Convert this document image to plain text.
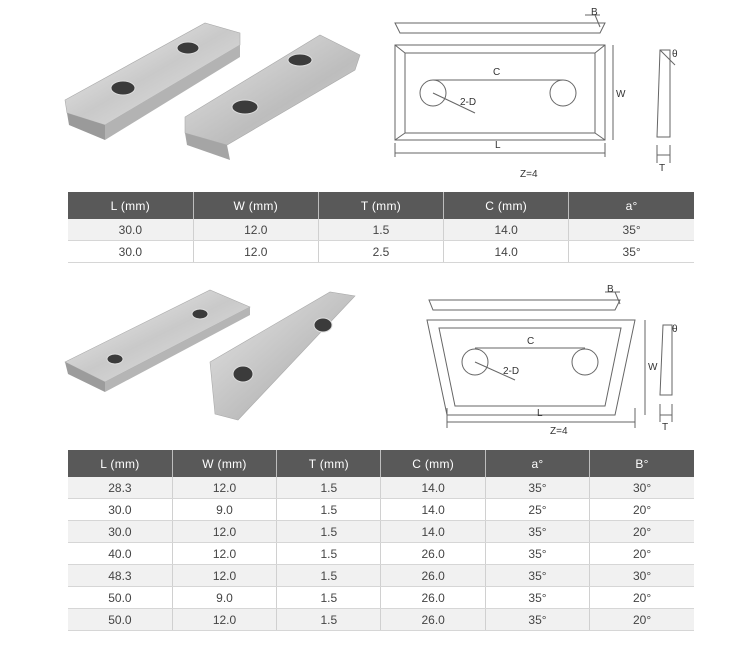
B
C
2-D
W
L
θ
T
Z=4
L (mm)	W (mm)	T (mm)	C (mm)	a°
30.0	12.0	1.5	14.0	35°
30.0	12.0	2.5	14.0	35°
B
C
2-D	W
L
θ
T
Z=4
L (mm)	W (mm)	T (mm)	C (mm)	a°	B°
28.3	12.0	1.5	14.0	35°	30°
30.0	9.0	1.5	14.0	25°	20°
30.0	12.0	1.5	14.0	35°	20°
40.0	12.0	1.5	26.0	35°	20°
48.3	12.0	1.5	26.0	35°	30°
50.0	9.0	1.5	26.0	35°	20°
50.0	12.0	1.5	26.0	35°	20°
